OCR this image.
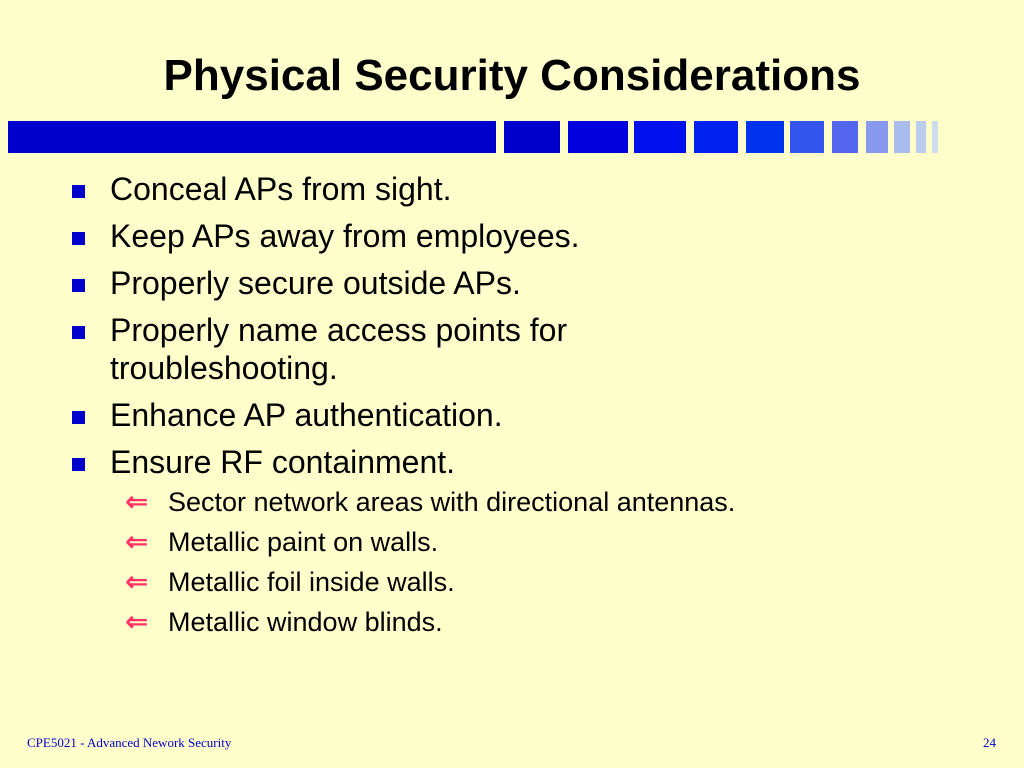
Physical Security Considerations
Conceal APs from sight.
Keep APs away from employees.
Properly secure outside APs.
Properly name access points for troubleshooting.
Enhance AP authentication.
Ensure RF containment.
⇐ Sector network areas with directional antennas.
⇐ Metallic paint on walls.
⇐ Metallic foil inside walls.
⇐ Metallic window blinds.
CPE5021 - Advanced Nework Security	24
